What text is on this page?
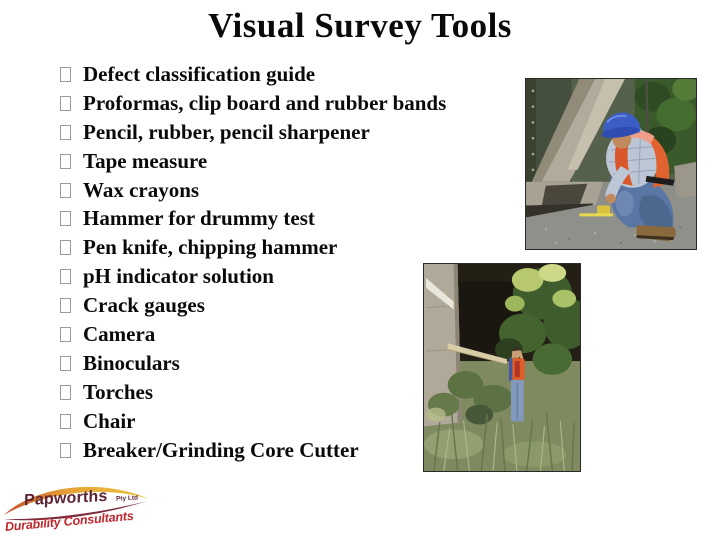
Visual Survey Tools
Defect classification guide
Proformas, clip board and rubber bands
Pencil, rubber, pencil sharpener
Tape measure
Wax crayons
Hammer for drummy test
Pen knife, chipping hammer
pH indicator solution
Crack gauges
Camera
Binoculars
Torches
Chair
Breaker/Grinding Core Cutter
Papworths Pty Ltd
Durability Consultants
